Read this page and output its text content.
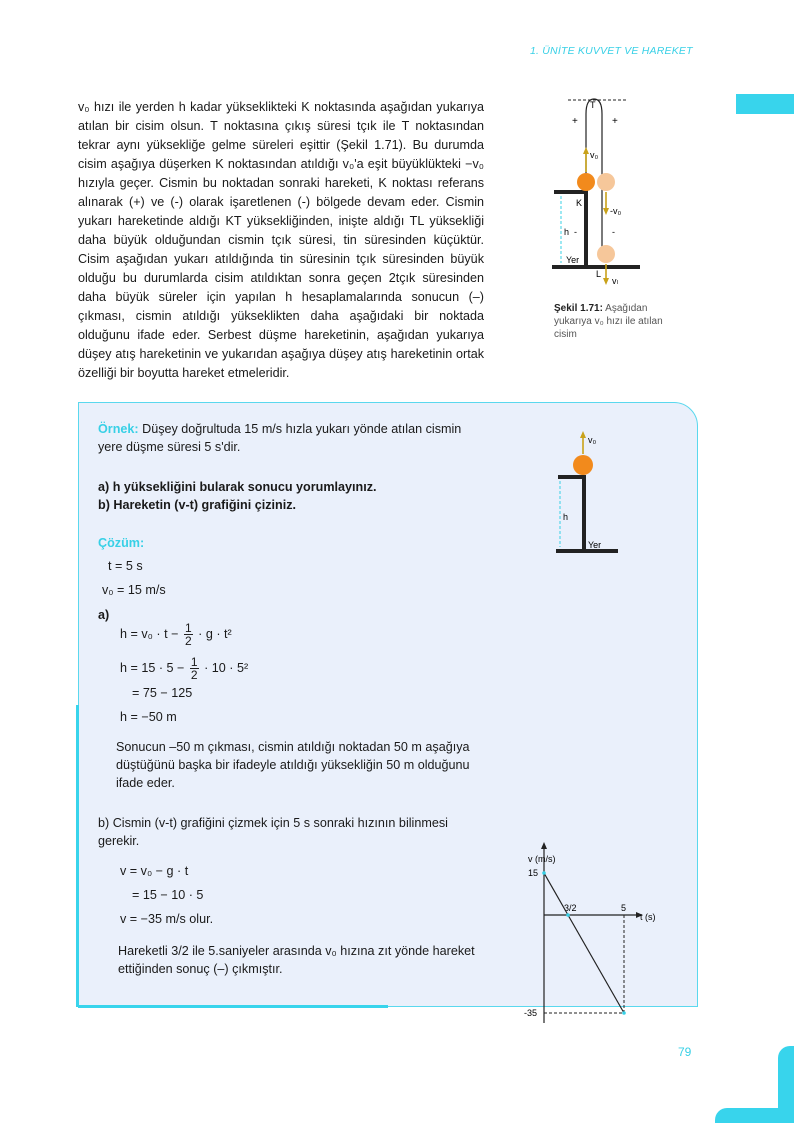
1. ÜNİTE KUVVET VE HAREKET

v₀ hızı ile yerden h kadar yükseklikteki K noktasında aşağıdan yukarıya atılan bir cisim olsun. T noktasına çıkış süresi tçık ile T noktasından tekrar aynı yüksekliğe gelme süreleri eşittir (Şekil 1.71). Bu durumda cisim aşağıya düşerken K noktasından atıldığı v₀'a eşit büyüklükteki −v₀ hızıyla geçer. Cismin bu noktadan sonraki hareketi, K noktası referans alınarak (+) ve (-) olarak işaretlenen (-) bölgede devam eder. Cismin yukarı hareketinde aldığı KT yüksekliğinden, inişte aldığı TL yüksekliği daha büyük olduğundan cismin tçık süresi, tin süresinden küçüktür. Cisim aşağıdan yukarı atıldığında tin süresinin tçık süresinden büyük olduğu bu durumlarda cisim atıldıktan sonra geçen 2tçık süresinden daha büyük süreler için yapılan h hesaplamalarında sonucun (–) çıkması, cismin atıldığı yükseklikten daha aşağıdaki bir noktada olduğunu ifade eder. Serbest düşme hareketinin, aşağıdan yukarıya düşey atış hareketinin ve yukarıdan aşağıya düşey atış hareketinin ortak özelliği bir boyutta hareket etmeleridir.

T
+	+
h -	-
Yer
K
L
v₀
-v₀
vₗ
Şekil 1.71: Aşağıdan yukarıya v₀ hızı ile atılan cisim
Örnek: Düşey doğrultuda 15 m/s hızla yukarı yönde atılan cismin yere düşme süresi 5 s'dir.
a) h yüksekliğini bularak sonucu yorumlayınız.
b) Hareketin (v-t) grafiğini çiziniz.
v₀
h
Yer
Çözüm:
t = 5 s
v₀ = 15 m/s
a)
$h = v_0 \cdot t - \frac{1}{2} \cdot g \cdot t^2$
$h = 15 \cdot 5 - \frac{1}{2} \cdot 10 \cdot 5^2$
= 75 − 125
h = −50 m
Sonucun –50 m çıkması, cismin atıldığı noktadan 50 m aşağıya düştüğünü başka bir ifadeyle atıldığı yüksekliğin 50 m olduğunu ifade eder.
b) Cismin (v-t) grafiğini çizmek için 5 s sonraki hızının bilinmesi gerekir.
v = v₀ − g · t
= 15 − 10 · 5
v = −35 m/s olur.
Hareketli 3/2 ile 5.saniyeler arasında v₀ hızına zıt yönde hareket ettiğinden sonuç (–) çıkmıştır.
15
-35
3/2	5
v (m/s)
t (s)
79
